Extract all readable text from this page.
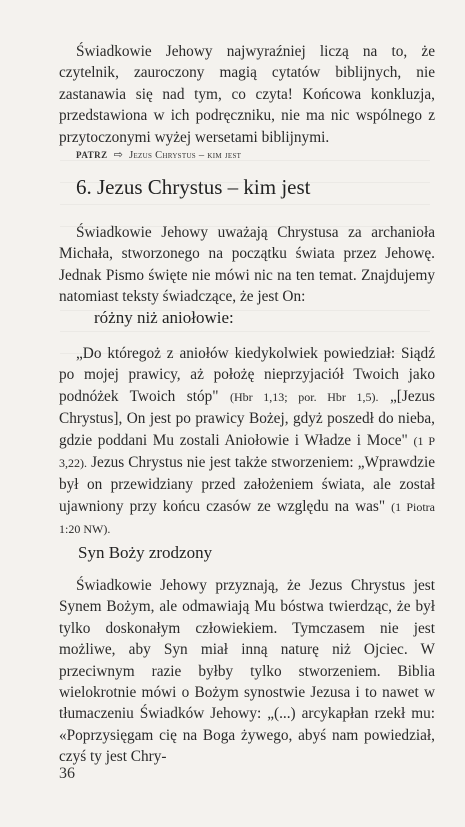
Świadkowie Jehowy najwyraźniej liczą na to, że czytelnik, zauroczony magią cytatów biblijnych, nie zastanawia się nad tym, co czyta! Końcowa konkluzja, przedstawiona w ich podręczniku, nie ma nic wspólnego z przytoczonymi wyżej wersetami biblijnymi.

PATRZ ⇨ Jezus Chrystus – kim jest
6. Jezus Chrystus – kim jest

Świadkowie Jehowy uważają Chrystusa za archanioła Michała, stworzonego na początku świata przez Jehowę. Jednak Pismo święte nie mówi nic na ten temat. Znajdujemy natomiast teksty świadczące, że jest On:

różny niż aniołowie:

„Do któregoż z aniołów kiedykolwiek powiedział: Siądź po mojej prawicy, aż położę nieprzyjaciół Twoich jako podnóżek Twoich stóp" (Hbr 1,13; por. Hbr 1,5). „[Jezus Chrystus], On jest po prawicy Bożej, gdyż poszedł do nieba, gdzie poddani Mu zostali Aniołowie i Władze i Moce" (1 P 3,22). Jezus Chrystus nie jest także stworzeniem: „Wprawdzie był on przewidziany przed założeniem świata, ale został ujawniony przy końcu czasów ze względu na was" (1 Piotra 1:20 NW).

Syn Boży zrodzony

Świadkowie Jehowy przyznają, że Jezus Chrystus jest Synem Bożym, ale odmawiają Mu bóstwa twierdząc, że był tylko doskonałym człowiekiem. Tymczasem nie jest możliwe, aby Syn miał inną naturę niż Ojciec. W przeciwnym razie byłby tylko stworzeniem. Biblia wielokrotnie mówi o Bożym synostwie Jezusa i to nawet w tłumaczeniu Świadków Jehowy: „(...) arcykapłan rzekł mu: «Poprzysięgam cię na Boga żywego, abyś nam powiedział, czyś ty jest Chry-

36
